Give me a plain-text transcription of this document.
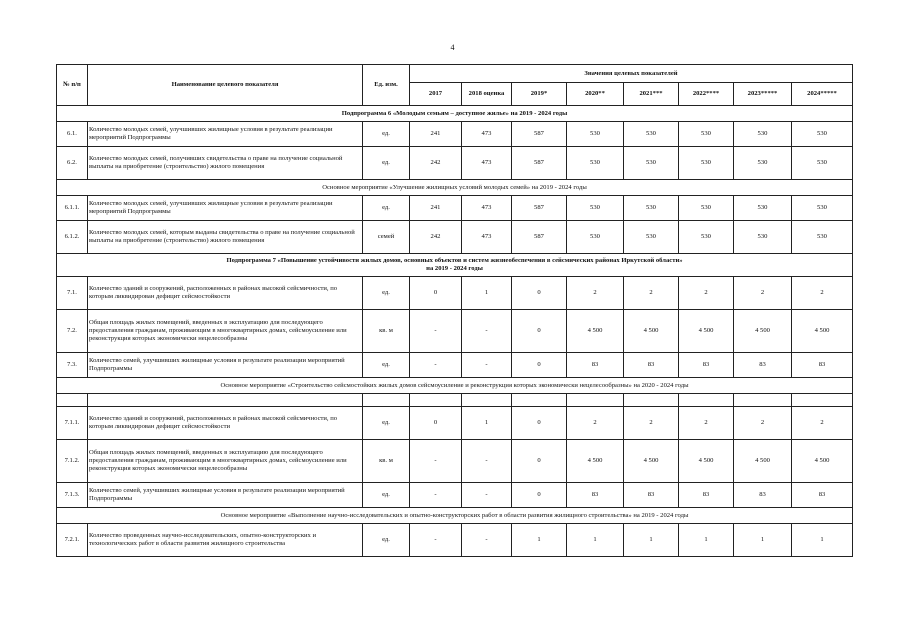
4
№ п/п	Наименование целевого показателя	Ед. изм.	Значения целевых показателей							
			2017	2018 оценка	2019*	2020**	2021***	2022****	2023*****	2024*****
Подпрограмма 6 «Молодым семьям – доступное жилье» на 2019 - 2024 годы										
6.1.	Количество молодых семей, улучшивших жилищные условия в результате реализации мероприятий Подпрограммы	ед.	241	473	587	530	530	530	530	530
6.2.	Количество молодых семей, получивших свидетельства о праве на получение социальной выплаты на приобретение (строительство) жилого помещения	ед.	242	473	587	530	530	530	530	530
Основное мероприятие «Улучшение жилищных условий молодых семей» на 2019 - 2024 годы										
6.1.1.	Количество молодых семей, улучшивших жилищные условия в результате реализации мероприятий Подпрограммы	ед.	241	473	587	530	530	530	530	530
6.1.2.	Количество молодых семей, которым выданы свидетельства о праве на получение социальной выплаты на приобретение (строительство) жилого помещения	семей	242	473	587	530	530	530	530	530
Подпрограмма 7 «Повышение устойчивости жилых домов, основных объектов и систем жизнеобеспечения в сейсмических районах Иркутской области»
на 2019 - 2024 годы										
7.1.	Количество зданий и сооружений, расположенных в районах высокой сейсмичности, по которым ликвидирован дефицит сейсмостойкости	ед.	0	1	0	2	2	2	2	2
7.2.	Общая площадь жилых помещений, введенных в эксплуатацию для последующего предоставления гражданам, проживающим в многоквартирных домах, сейсмоусиление или реконструкция которых экономически нецелесообразны	кв. м	-	-	0	4 500	4 500	4 500	4 500	4 500
7.3.	Количество семей, улучшивших жилищные условия в результате реализации мероприятий Подпрограммы	ед.	-	-	0	83	83	83	83	83
Основное мероприятие «Строительство сейсмостойких жилых домов сейсмоусиление и реконструкция которых экономически нецелесообразны» на 2020 - 2024 годы										

7.1.1.	Количество зданий и сооружений, расположенных в районах высокой сейсмичности, по которым ликвидирован дефицит сейсмостойкости	ед.	0	1	0	2	2	2	2	2
7.1.2.	Общая площадь жилых помещений, введенных в эксплуатацию для последующего предоставления гражданам, проживающим в многоквартирных домах, сейсмоусиление или реконструкция которых экономически нецелесообразны	кв. м	-	-	0	4 500	4 500	4 500	4 500	4 500
7.1.3.	Количество семей, улучшивших жилищные условия в результате реализации мероприятий Подпрограммы	ед.	-	-	0	83	83	83	83	83
Основное мероприятие «Выполнение научно-исследовательских и опытно-конструкторских работ в области развития жилищного строительства» на 2019 - 2024 годы										
7.2.1.	Количество проведенных научно-исследовательских, опытно-конструкторских и технологических работ в области развития жилищного строительства	ед.	-	-	1	1	1	1	1	1
